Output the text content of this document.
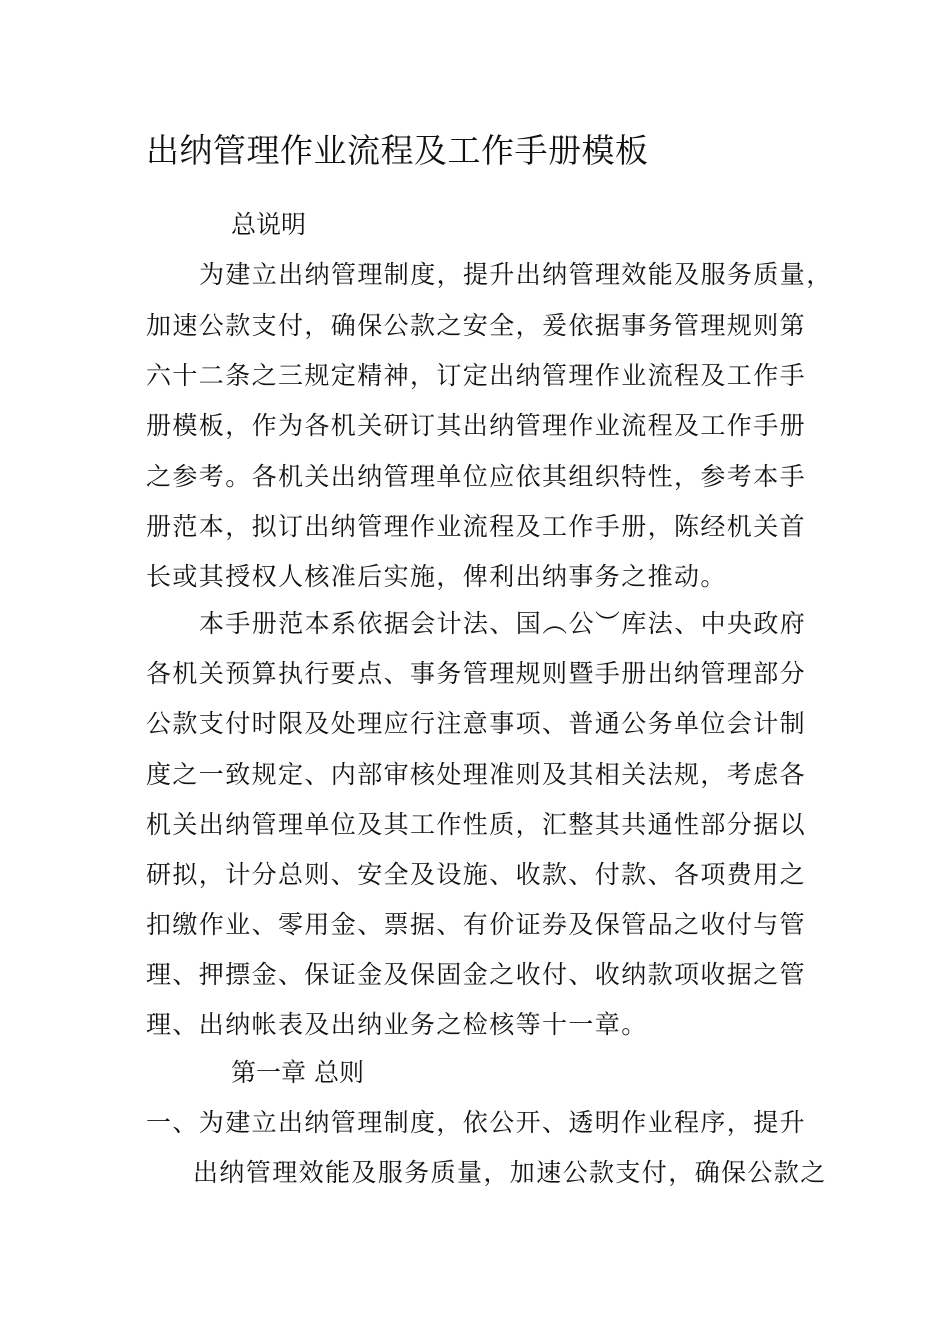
出纳管理作业流程及工作手册模板
总说明
为建立出纳管理制度，提升出纳管理效能及服务质量，
加速公款支付，确保公款之安全，爰依据事务管理规则第
六十二条之三规定精神，订定出纳管理作业流程及工作手
册模板，作为各机关研订其出纳管理作业流程及工作手册
之参考。各机关出纳管理单位应依其组织特性，参考本手
册范本，拟订出纳管理作业流程及工作手册，陈经机关首
长或其授权人核准后实施，俾利出纳事务之推动。
本手册范本系依据会计法、国︵公︶库法、中央政府
各机关预算执行要点、事务管理规则暨手册出纳管理部分
公款支付时限及处理应行注意事项、普通公务单位会计制
度之一致规定、内部审核处理准则及其相关法规，考虑各
机关出纳管理单位及其工作性质，汇整其共通性部分据以
研拟，计分总则、安全及设施、收款、付款、各项费用之
扣缴作业、零用金、票据、有价证券及保管品之收付与管
理、押摽金、保证金及保固金之收付、收纳款项收据之管
理、出纳帐表及出纳业务之检核等十一章。
第一章 总则
一、为建立出纳管理制度，依公开、透明作业程序，提升
出纳管理效能及服务质量，加速公款支付，确保公款之
